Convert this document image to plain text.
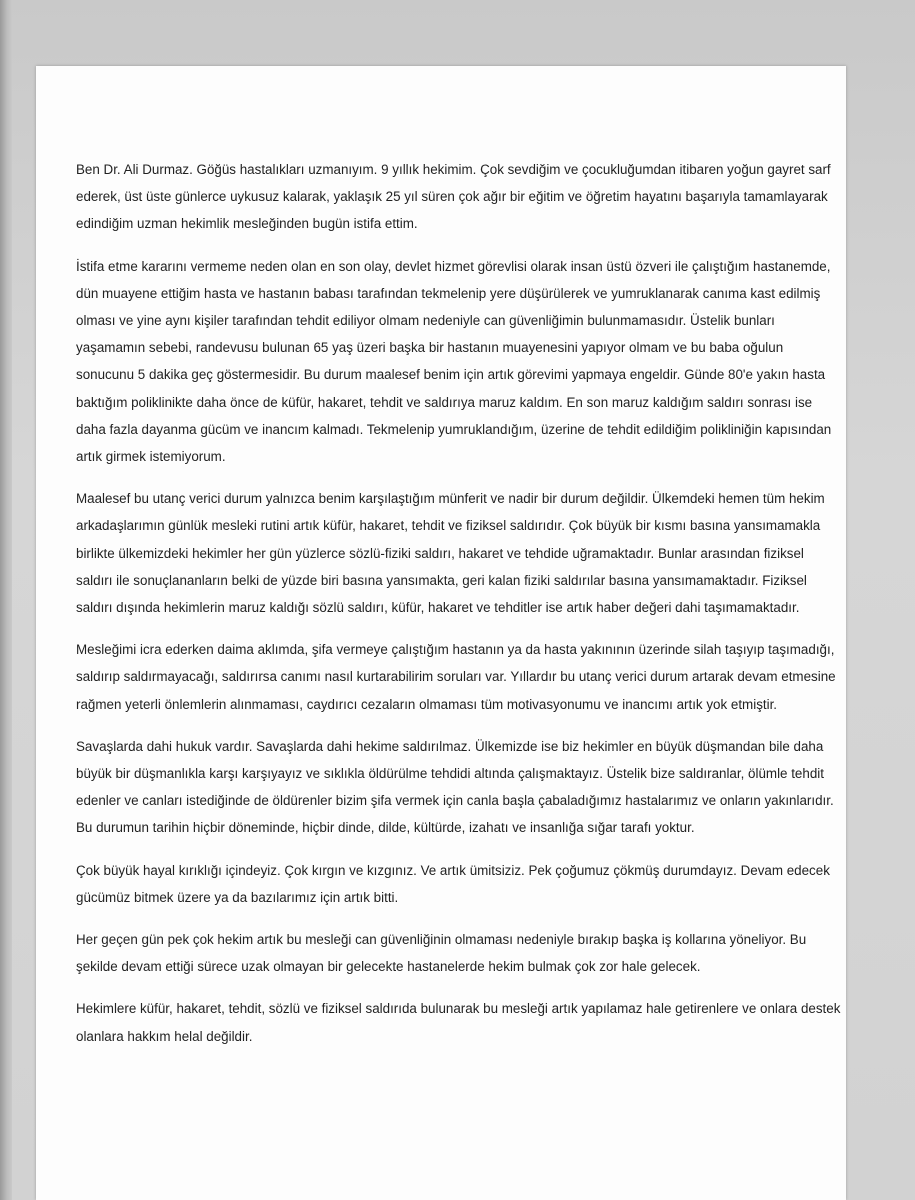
Ben Dr. Ali Durmaz. Göğüs hastalıkları uzmanıyım. 9 yıllık hekimim. Çok sevdiğim ve çocukluğumdan itibaren yoğun gayret sarf ederek, üst üste günlerce uykusuz kalarak, yaklaşık 25 yıl süren çok ağır bir eğitim ve öğretim hayatını başarıyla tamamlayarak edindiğim uzman hekimlik mesleğinden bugün istifa ettim.

İstifa etme kararını vermeme neden olan en son olay, devlet hizmet görevlisi olarak insan üstü özveri ile çalıştığım hastanemde, dün muayene ettiğim hasta ve hastanın babası tarafından tekmelenip yere düşürülerek ve yumruklanarak canıma kast edilmiş olması ve yine aynı kişiler tarafından tehdit ediliyor olmam nedeniyle can güvenliğimin bulunmamasıdır. Üstelik bunları yaşamamın sebebi, randevusu bulunan 65 yaş üzeri başka bir hastanın muayenesini yapıyor olmam ve bu baba oğulun sonucunu 5 dakika geç göstermesidir. Bu durum maalesef benim için artık görevimi yapmaya engeldir. Günde 80'e yakın hasta baktığım poliklinikte daha önce de küfür, hakaret, tehdit ve saldırıya maruz kaldım. En son maruz kaldığım saldırı sonrası ise daha fazla dayanma gücüm ve inancım kalmadı. Tekmelenip yumruklandığım, üzerine de tehdit edildiğim polikliniğin kapısından artık girmek istemiyorum.

Maalesef bu utanç verici durum yalnızca benim karşılaştığım münferit ve nadir bir durum değildir. Ülkemdeki hemen tüm hekim arkadaşlarımın günlük mesleki rutini artık küfür, hakaret, tehdit ve fiziksel saldırıdır. Çok büyük bir kısmı basına yansımamakla birlikte ülkemizdeki hekimler her gün yüzlerce sözlü-fiziki saldırı, hakaret ve tehdide uğramaktadır. Bunlar arasından fiziksel saldırı ile sonuçlananların belki de yüzde biri basına yansımakta, geri kalan fiziki saldırılar basına yansımamaktadır. Fiziksel saldırı dışında hekimlerin maruz kaldığı sözlü saldırı, küfür, hakaret ve tehditler ise artık haber değeri dahi taşımamaktadır.

Mesleğimi icra ederken daima aklımda, şifa vermeye çalıştığım hastanın ya da hasta yakınının üzerinde silah taşıyıp taşımadığı, saldırıp saldırmayacağı, saldırırsa canımı nasıl kurtarabilirim soruları var. Yıllardır bu utanç verici durum artarak devam etmesine rağmen yeterli önlemlerin alınmaması, caydırıcı cezaların olmaması tüm motivasyonumu ve inancımı artık yok etmiştir.

Savaşlarda dahi hukuk vardır. Savaşlarda dahi hekime saldırılmaz. Ülkemizde ise biz hekimler en büyük düşmandan bile daha büyük bir düşmanlıkla karşı karşıyayız ve sıklıkla öldürülme tehdidi altında çalışmaktayız. Üstelik bize saldıranlar, ölümle tehdit edenler ve canları istediğinde de öldürenler bizim şifa vermek için canla başla çabaladığımız hastalarımız ve onların yakınlarıdır. Bu durumun tarihin hiçbir döneminde, hiçbir dinde, dilde, kültürde, izahatı ve insanlığa sığar tarafı yoktur.

Çok büyük hayal kırıklığı içindeyiz. Çok kırgın ve kızgınız. Ve artık ümitsiziz. Pek çoğumuz çökmüş durumdayız. Devam edecek gücümüz bitmek üzere ya da bazılarımız için artık bitti.

Her geçen gün pek çok hekim artık bu mesleği can güvenliğinin olmaması nedeniyle bırakıp başka iş kollarına yöneliyor. Bu şekilde devam ettiği sürece uzak olmayan bir gelecekte hastanelerde hekim bulmak çok zor hale gelecek.

Hekimlere küfür, hakaret, tehdit, sözlü ve fiziksel saldırıda bulunarak bu mesleği artık yapılamaz hale getirenlere ve onlara destek olanlara hakkım helal değildir.
